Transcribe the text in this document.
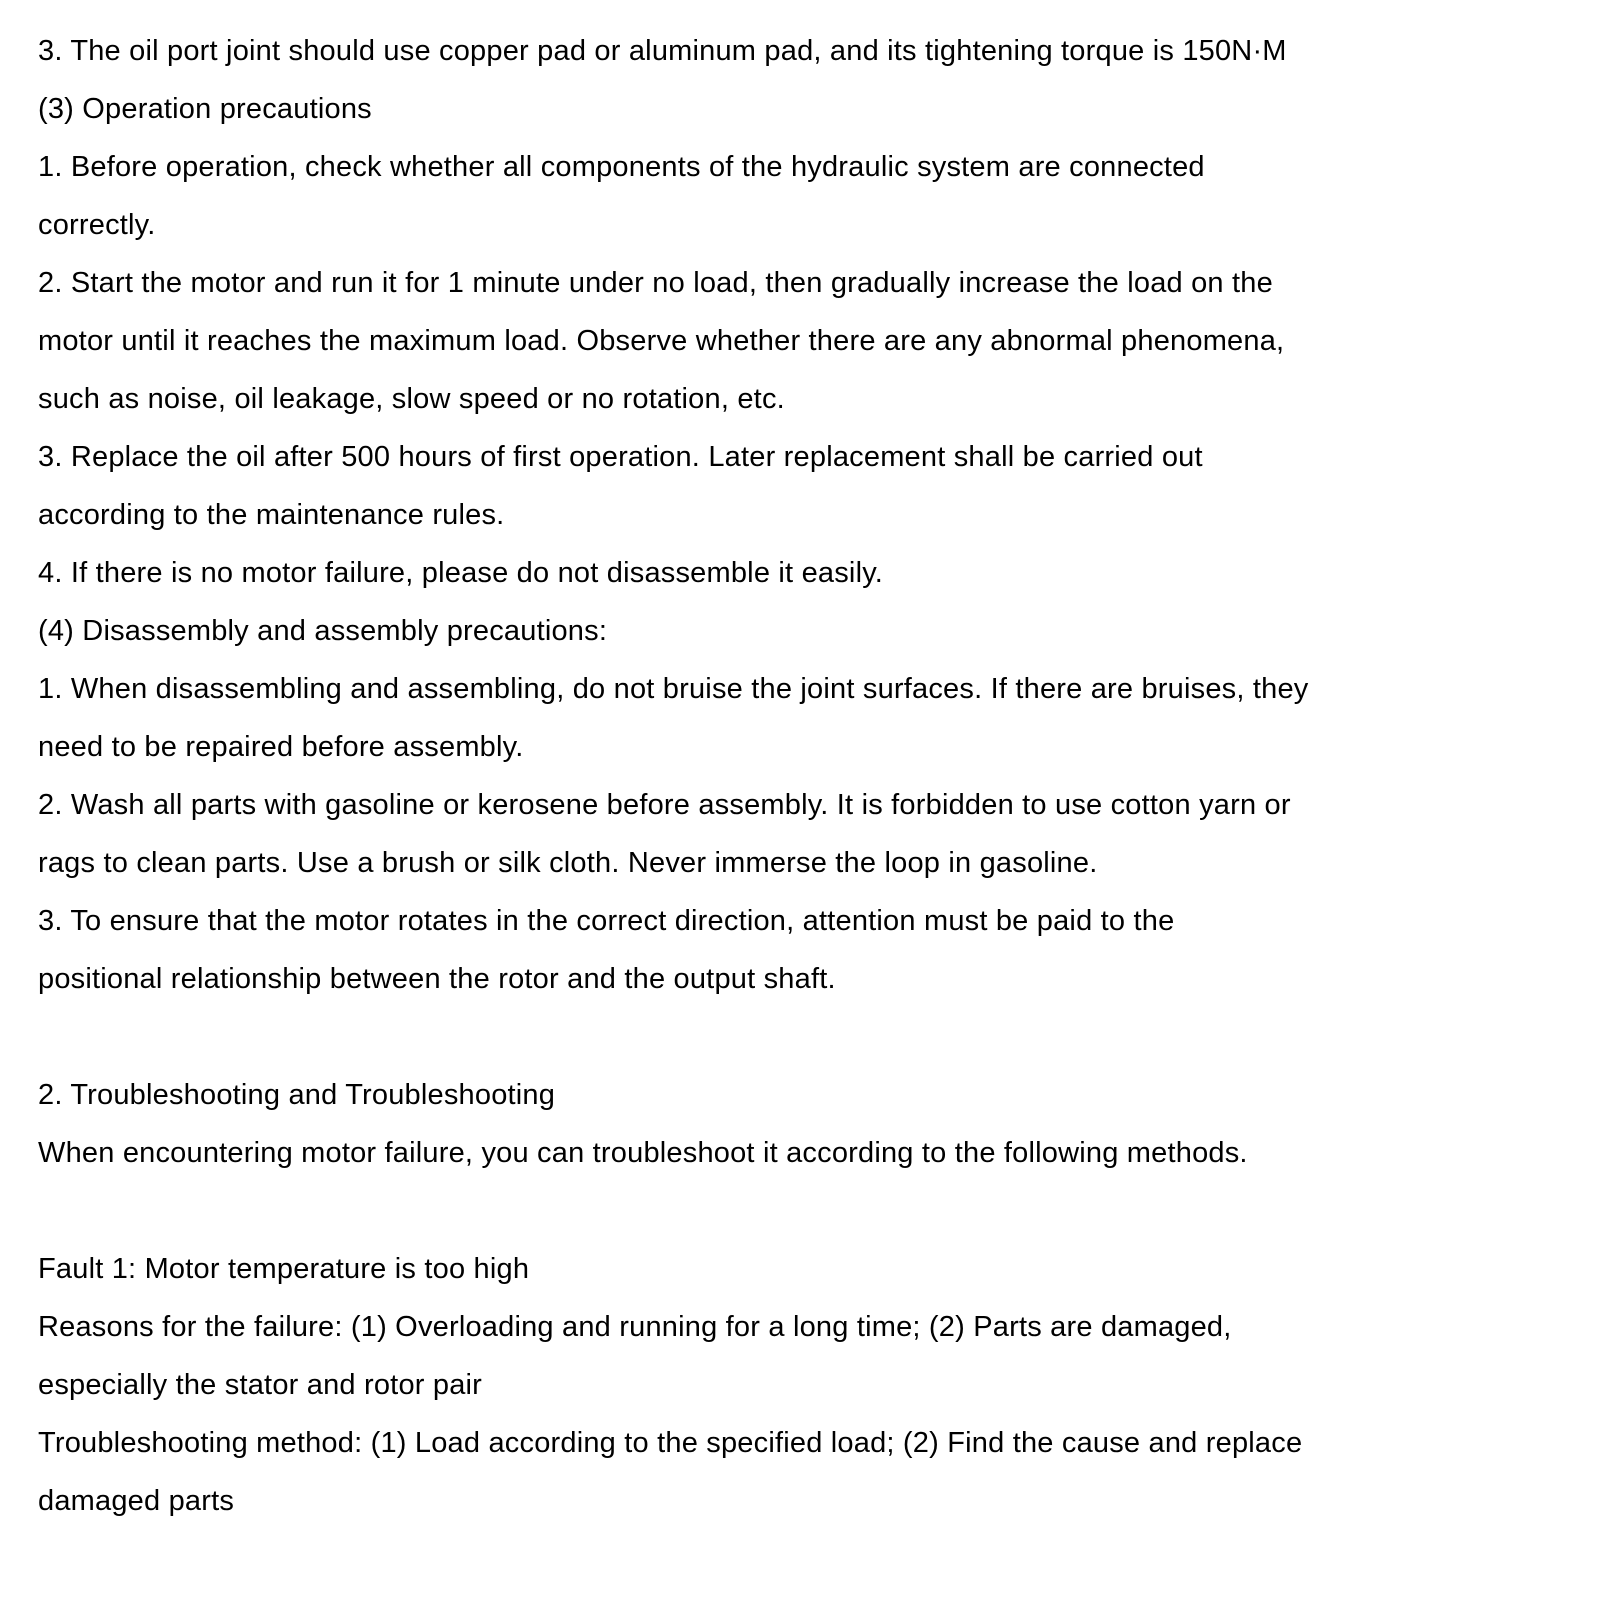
3. The oil port joint should use copper pad or aluminum pad, and its tightening torque is 150N·M
(3) Operation precautions
1. Before operation, check whether all components of the hydraulic system are connected
correctly.
2. Start the motor and run it for 1 minute under no load, then gradually increase the load on the
motor until it reaches the maximum load. Observe whether there are any abnormal phenomena,
such as noise, oil leakage, slow speed or no rotation, etc.
3. Replace the oil after 500 hours of first operation. Later replacement shall be carried out
according to the maintenance rules.
4. If there is no motor failure, please do not disassemble it easily.
(4) Disassembly and assembly precautions:
1. When disassembling and assembling, do not bruise the joint surfaces. If there are bruises, they
need to be repaired before assembly.
2. Wash all parts with gasoline or kerosene before assembly. It is forbidden to use cotton yarn or
rags to clean parts. Use a brush or silk cloth. Never immerse the loop in gasoline.
3. To ensure that the motor rotates in the correct direction, attention must be paid to the
positional relationship between the rotor and the output shaft.
2. Troubleshooting and Troubleshooting
When encountering motor failure, you can troubleshoot it according to the following methods.
Fault 1: Motor temperature is too high
Reasons for the failure: (1) Overloading and running for a long time; (2) Parts are damaged,
especially the stator and rotor pair
Troubleshooting method: (1) Load according to the specified load; (2) Find the cause and replace
damaged parts
